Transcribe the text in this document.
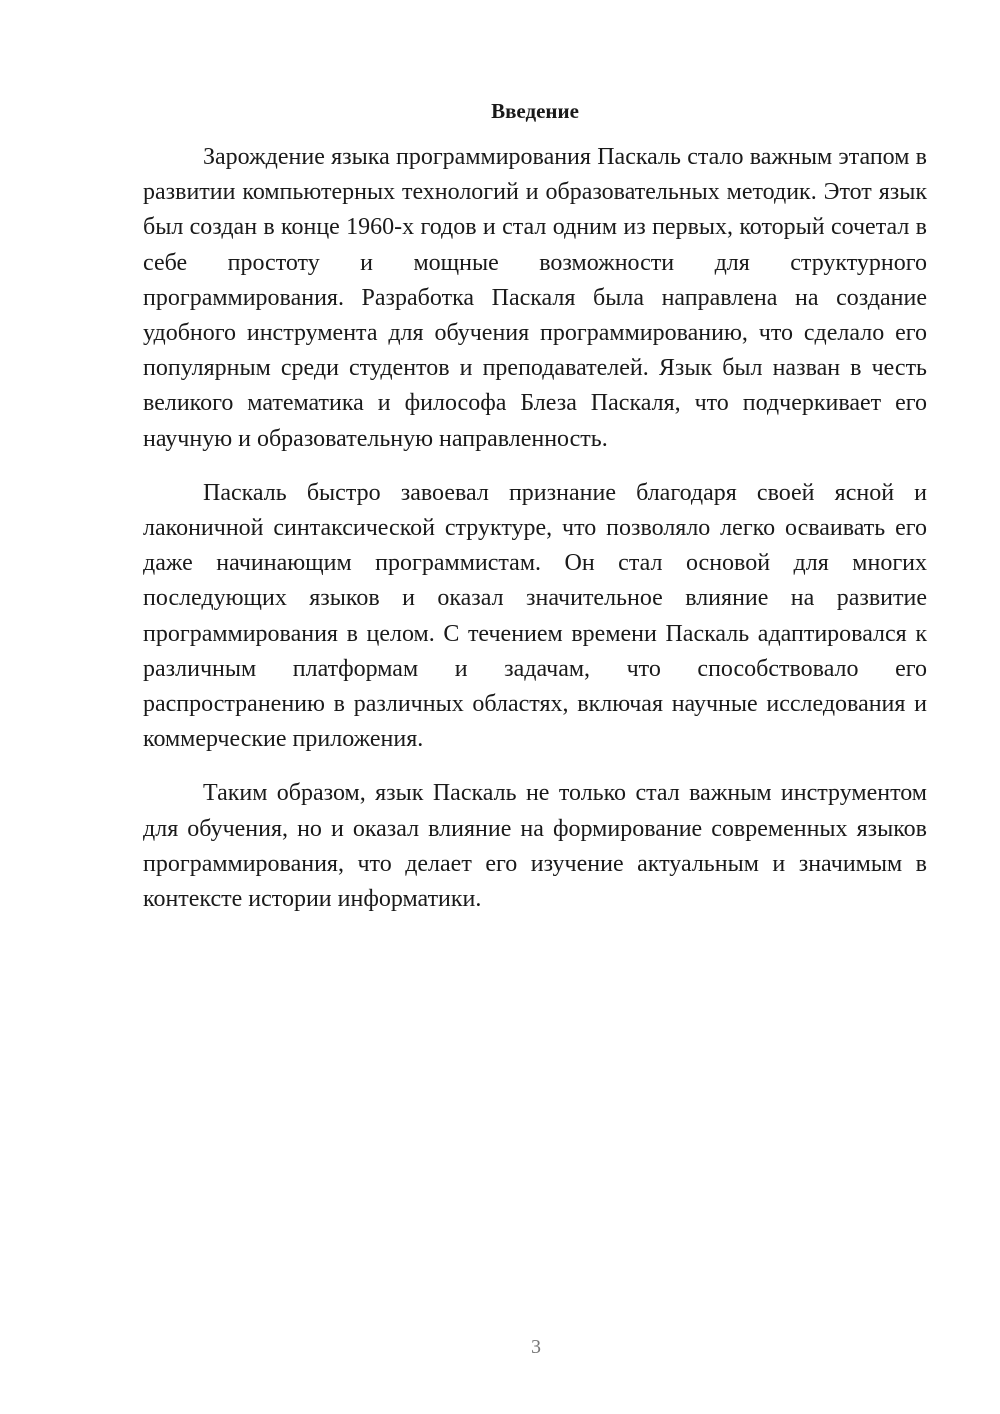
Введение

Зарождение языка программирования Паскаль стало важным этапом в развитии компьютерных технологий и образовательных методик. Этот язык был создан в конце 1960-х годов и стал одним из первых, который сочетал в себе простоту и мощные возможности для структурного программирования. Разработка Паскаля была направлена на создание удобного инструмента для обучения программированию, что сделало его популярным среди студентов и преподавателей. Язык был назван в честь великого математика и философа Блеза Паскаля, что подчеркивает его научную и образовательную направленность.

Паскаль быстро завоевал признание благодаря своей ясной и лаконичной синтаксической структуре, что позволяло легко осваивать его даже начинающим программистам. Он стал основой для многих последующих языков и оказал значительное влияние на развитие программирования в целом. С течением времени Паскаль адаптировался к различным платформам и задачам, что способствовало его распространению в различных областях, включая научные исследования и коммерческие приложения.

Таким образом, язык Паскаль не только стал важным инструментом для обучения, но и оказал влияние на формирование современных языков программирования, что делает его изучение актуальным и значимым в контексте истории информатики.

3
